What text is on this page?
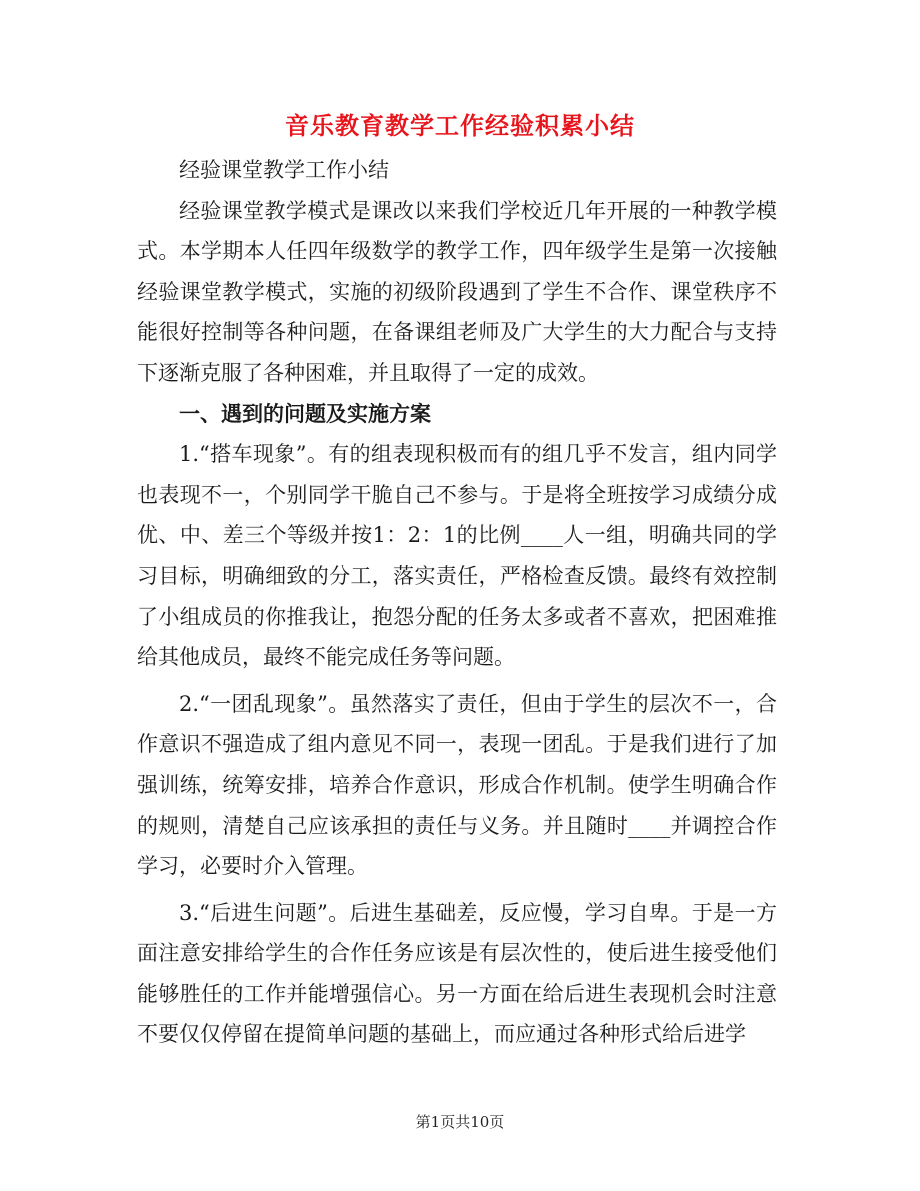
音乐教育教学工作经验积累小结

经验课堂教学工作小结

经验课堂教学模式是课改以来我们学校近几年开展的一种教学模式。本学期本人任四年级数学的教学工作，四年级学生是第一次接触经验课堂教学模式，实施的初级阶段遇到了学生不合作、课堂秩序不能很好控制等各种问题，在备课组老师及广大学生的大力配合与支持下逐渐克服了各种困难，并且取得了一定的成效。

一、遇到的问题及实施方案

1.“搭车现象”。有的组表现积极而有的组几乎不发言，组内同学也表现不一，个别同学干脆自己不参与。于是将全班按学习成绩分成优、中、差三个等级并按1：2：1的比例____人一组，明确共同的学习目标，明确细致的分工，落实责任，严格检查反馈。最终有效控制了小组成员的你推我让，抱怨分配的任务太多或者不喜欢，把困难推给其他成员，最终不能完成任务等问题。

2.“一团乱现象”。虽然落实了责任，但由于学生的层次不一，合作意识不强造成了组内意见不同一，表现一团乱。于是我们进行了加强训练，统筹安排，培养合作意识，形成合作机制。使学生明确合作的规则，清楚自己应该承担的责任与义务。并且随时____并调控合作学习，必要时介入管理。

3.“后进生问题”。后进生基础差，反应慢，学习自卑。于是一方面注意安排给学生的合作任务应该是有层次性的，使后进生接受他们能够胜任的工作并能增强信心。另一方面在给后进生表现机会时注意不要仅仅停留在提简单问题的基础上，而应通过各种形式给后进学

第1页共10页
